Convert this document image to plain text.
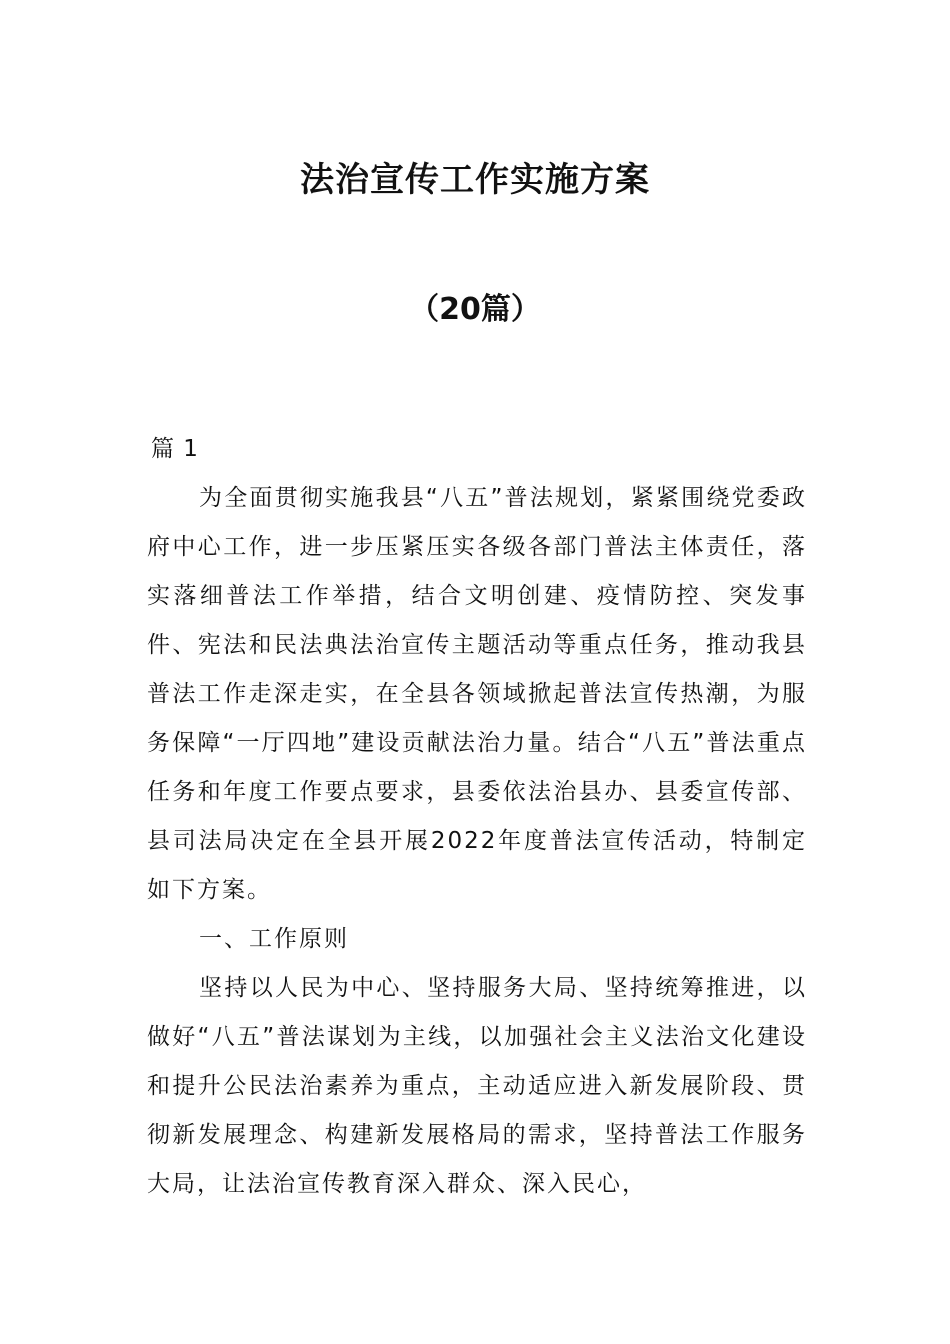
法治宣传工作实施方案
（20篇）

篇 1

为全面贯彻实施我县“八五”普法规划，紧紧围绕党委政府中心工作，进一步压紧压实各级各部门普法主体责任，落实落细普法工作举措，结合文明创建、疫情防控、突发事件、宪法和民法典法治宣传主题活动等重点任务，推动我县普法工作走深走实，在全县各领域掀起普法宣传热潮，为服务保障“一厅四地”建设贡献法治力量。结合“八五”普法重点任务和年度工作要点要求，县委依法治县办、县委宣传部、县司法局决定在全县开展2022年度普法宣传活动，特制定如下方案。

一、工作原则

坚持以人民为中心、坚持服务大局、坚持统筹推进，以做好“八五”普法谋划为主线，以加强社会主义法治文化建设和提升公民法治素养为重点，主动适应进入新发展阶段、贯彻新发展理念、构建新发展格局的需求，坚持普法工作服务大局，让法治宣传教育深入群众、深入民心，
